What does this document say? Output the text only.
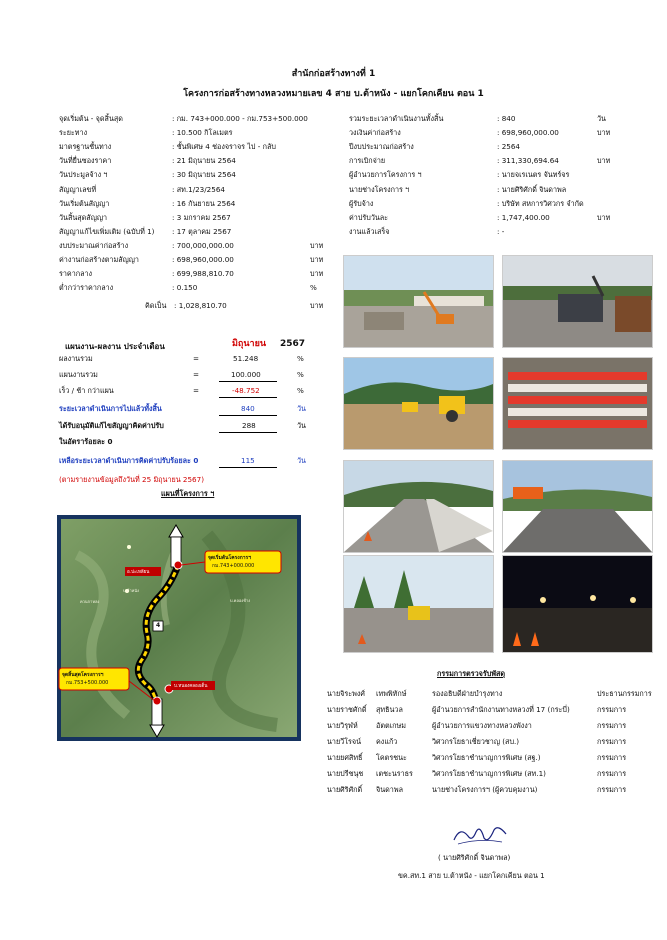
สำนักก่อสร้างทางที่ 1
โครงการก่อสร้างทางหลวงหมายเลข 4 สาย บ.ต้าหนัง - แยกโคกเคียน ตอน 1
จุดเริ่มต้น - จุดสิ้นสุด	: กม. 743+000.000 - กม.753+500.000
ระยะทาง	: 10.500 กิโลเมตร
มาตรฐานชั้นทาง	: ชั้นพิเศษ 4 ช่องจราจร ไป - กลับ
วันที่ยื่นซองราคา	: 21 มิถุนายน 2564
วันประมูลจ้าง ฯ	: 30 มิถุนายน 2564
สัญญาเลขที่	: สท.1/23/2564
วันเริ่มต้นสัญญา	: 16 กันยายน 2564
วันสิ้นสุดสัญญา	: 3 มกราคม 2567
สัญญาแก้ไขเพิ่มเติม (ฉบับที่ 1) : 17 ตุลาคม 2567
งบประมาณค่าก่อสร้าง	: 700,000,000.00	บาท
ค่างานก่อสร้างตามสัญญา	: 698,960,000.00	บาท
ราคากลาง	: 699,988,810.70	บาท
ต่ำกว่าราคากลาง	: 0.150	%
รวมระยะเวลาดำเนินงานทั้งสิ้น	: 840	วัน
วงเงินค่าก่อสร้าง	: 698,960,000.00	บาท
ปีงบประมาณก่อสร้าง	: 2564
การเบิกจ่าย	: 311,330,694.64	บาท
ผู้อำนวยการโครงการ ฯ	: นายจเรเนตร จันทร์จร
นายช่างโครงการ ฯ	: นายศิริศักดิ์ จินดาพล
ผู้รับจ้าง	: บริษัท สหการวิศวกร จำกัด
ค่าปรับวันละ	: 1,747,400.00	บาท
งานแล้วเสร็จ	: -
คิดเป็น : 1,028,810.70	บาท
แผนงาน-ผลงาน ประจำเดือน	มิถุนายน 2567
ผลงานรวม	=	51.248	%
แผนงานรวม	=	100.000	%
เร็ว / ช้า กว่าแผน	=	-48.752	%
ระยะเวลาดำเนินการไปแล้วทั้งสิ้น	840	วัน
ได้รับอนุมัติแก้ไขสัญญาคิดค่าปรับ	288	วัน
ในอัตราร้อยละ 0
เหลือระยะเวลาดำเนินการคิดค่าปรับร้อยละ 0	115	วัน
(ตามรายงานข้อมูลถึงวันที่ 25 มิถุนายน 2567)
แผนที่โครงการ ฯ
จุดเริ่มต้นโครงการฯ
กม.743+000.000
จุดสิ้นสุดโครงการฯ
กม.753+500.000
อ.ปะเหลียน
บ.หนองคลองเต็น
4
บ.ต้าหนัง
บ.คลองช้าง
ควนกาหลง
กรรมการตรวจรับพัสดุ
นายจิระพงศ์ เทพพิทักษ์	รองอธิบดีฝ่ายบำรุงทาง	ประธานกรรมการ
นายราชศักดิ์ สุทธินวล	ผู้อำนวยการสำนักงานทางหลวงที่ 17 (กระบี่)	กรรมการ
นายวิรุฬห์	อัตตเกษม	ผู้อำนวยการแขวงทางหลวงพังงา	กรรมการ
นายวีโรจน์ คงแก้ว	วิศวกรโยธาเชี่ยวชาญ (สบ.)	กรรมการ
นายยศสิทธิ์ โคตรชนะ	วิศวกรโยธาชำนาญการพิเศษ (สฐ.)	กรรมการ
นายปรีชนุช เตชะนราธร	วิศวกรโยธาชำนาญการพิเศษ (สท.1)	กรรมการ
นายศิริศักดิ์ จินดาพล	นายช่างโครงการฯ (ผู้ควบคุมงาน)	กรรมการ
( นายศิริศักดิ์ จินดาพล)
ขค.สท.1 สาย บ.ต้าหนัง - แยกโคกเคียน ตอน 1
